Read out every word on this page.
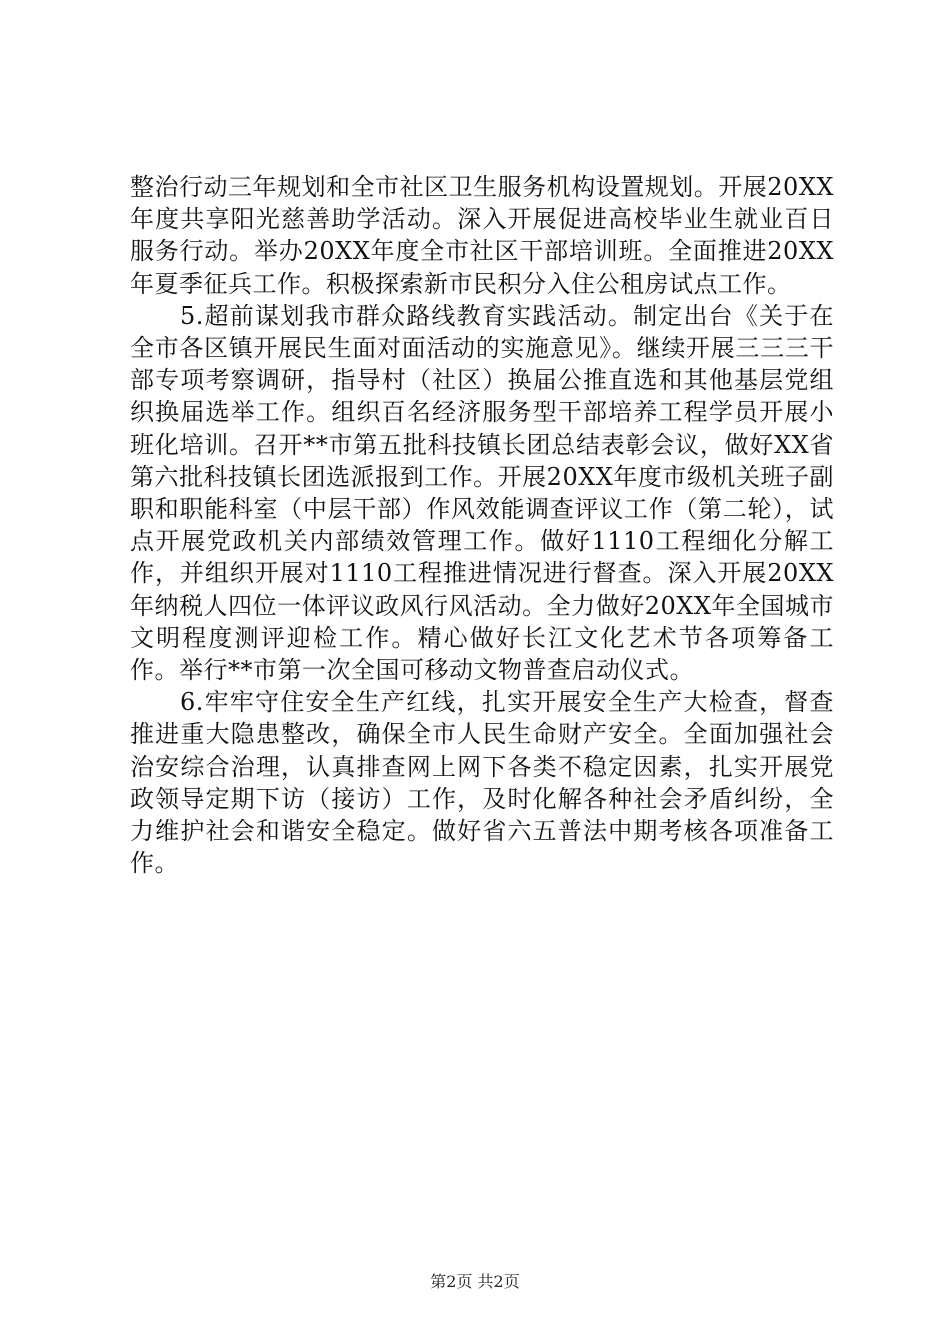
整治行动三年规划和全市社区卫生服务机构设置规划。开展20XX年度共享阳光慈善助学活动。深入开展促进高校毕业生就业百日服务行动。举办20XX年度全市社区干部培训班。全面推进20XX年夏季征兵工作。积极探索新市民积分入住公租房试点工作。

5.超前谋划我市群众路线教育实践活动。制定出台《关于在全市各区镇开展民生面对面活动的实施意见》。继续开展三三三干部专项考察调研，指导村（社区）换届公推直选和其他基层党组织换届选举工作。组织百名经济服务型干部培养工程学员开展小班化培训。召开**市第五批科技镇长团总结表彰会议，做好XX省第六批科技镇长团选派报到工作。开展20XX年度市级机关班子副职和职能科室（中层干部）作风效能调查评议工作（第二轮），试点开展党政机关内部绩效管理工作。做好1110工程细化分解工作，并组织开展对1110工程推进情况进行督查。深入开展20XX年纳税人四位一体评议政风行风活动。全力做好20XX年全国城市文明程度测评迎检工作。精心做好长江文化艺术节各项筹备工作。举行**市第一次全国可移动文物普查启动仪式。

6.牢牢守住安全生产红线，扎实开展安全生产大检查，督查推进重大隐患整改，确保全市人民生命财产安全。全面加强社会治安综合治理，认真排查网上网下各类不稳定因素，扎实开展党政领导定期下访（接访）工作，及时化解各种社会矛盾纠纷，全力维护社会和谐安全稳定。做好省六五普法中期考核各项准备工作。

第2页 共2页
